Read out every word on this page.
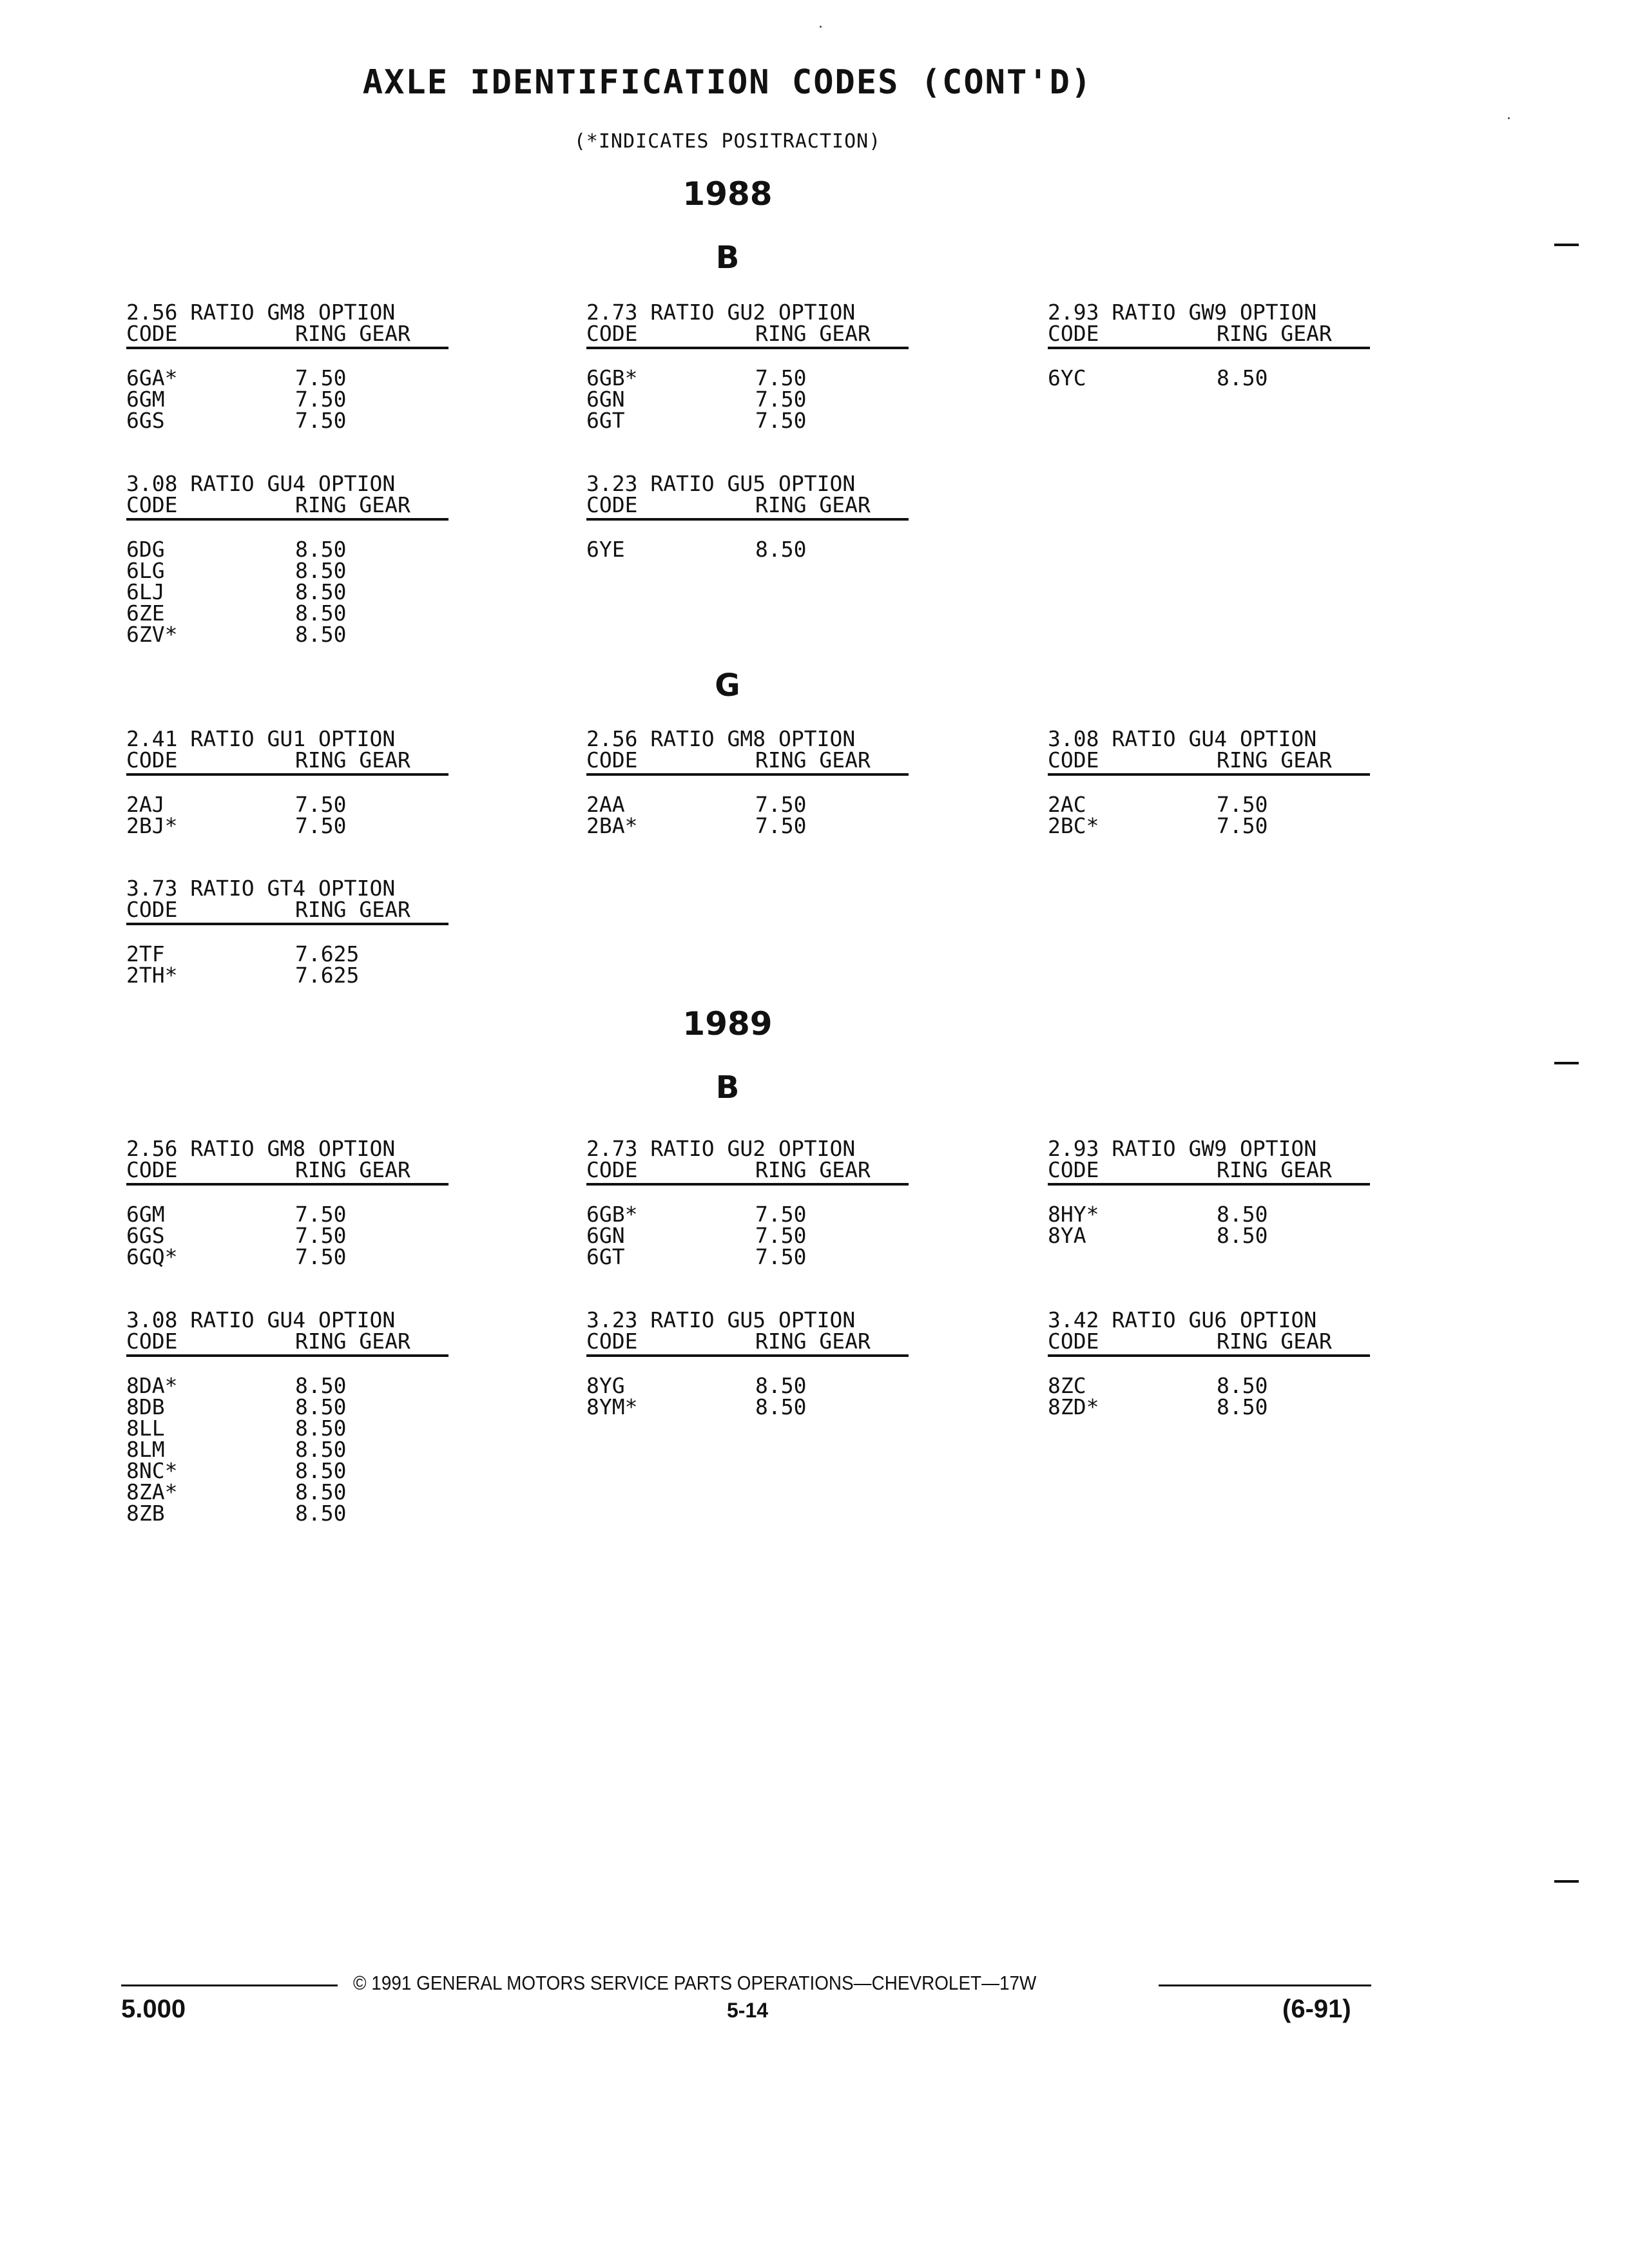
AXLE IDENTIFICATION CODES (CONT'D)
(*INDICATES POSITRACTION)
1988
B
G
1989
B
2.56 RATIO GM8 OPTION
CODE	RING GEAR
6GA*	7.50
6GM	7.50
6GS	7.50
2.73 RATIO GU2 OPTION
CODE	RING GEAR
6GB*	7.50
6GN	7.50
6GT	7.50
2.93 RATIO GW9 OPTION
CODE	RING GEAR
6YC	8.50
3.08 RATIO GU4 OPTION
CODE	RING GEAR
6DG	8.50
6LG	8.50
6LJ	8.50
6ZE	8.50
6ZV*	8.50
3.23 RATIO GU5 OPTION
CODE	RING GEAR
6YE	8.50
2.41 RATIO GU1 OPTION
CODE	RING GEAR
2AJ	7.50
2BJ*	7.50
2.56 RATIO GM8 OPTION
CODE	RING GEAR
2AA	7.50
2BA*	7.50
3.08 RATIO GU4 OPTION
CODE	RING GEAR
2AC	7.50
2BC*	7.50
3.73 RATIO GT4 OPTION
CODE	RING GEAR
2TF	7.625
2TH*	7.625
2.56 RATIO GM8 OPTION
CODE	RING GEAR
6GM	7.50
6GS	7.50
6GQ*	7.50
2.73 RATIO GU2 OPTION
CODE	RING GEAR
6GB*	7.50
6GN	7.50
6GT	7.50
2.93 RATIO GW9 OPTION
CODE	RING GEAR
8HY*	8.50
8YA	8.50
3.08 RATIO GU4 OPTION
CODE	RING GEAR
8DA*	8.50
8DB	8.50
8LL	8.50
8LM	8.50
8NC*	8.50
8ZA*	8.50
8ZB	8.50
3.23 RATIO GU5 OPTION
CODE	RING GEAR
8YG	8.50
8YM*	8.50
3.42 RATIO GU6 OPTION
CODE	RING GEAR
8ZC	8.50
8ZD*	8.50
© 1991 GENERAL MOTORS SERVICE PARTS OPERATIONS—CHEVROLET—17W
5.000	5-14	(6-91)
